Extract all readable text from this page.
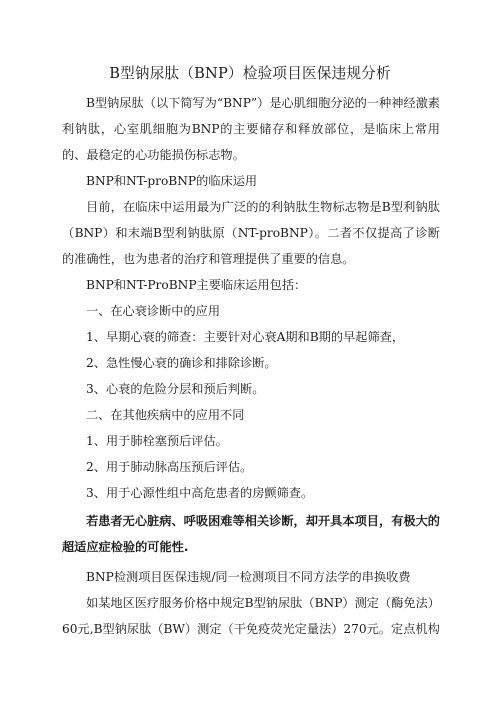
B型钠尿肽（BNP）检验项目医保违规分析

B型钠尿肽（以下简写为“BNP”）是心肌细胞分泌的一种神经激素利钠肽，心室肌细胞为BNP的主要储存和释放部位，是临床上常用的、最稳定的心功能损伤标志物。

BNP和NT-proBNP的临床运用

目前，在临床中运用最为广泛的的利钠肽生物标志物是B型利钠肽（BNP）和末端B型利钠肽原（NT-proBNP）。二者不仅提高了诊断的准确性，也为患者的治疗和管理提供了重要的信息。

BNP和NT-ProBNP主要临床运用包括：

一、在心衰诊断中的应用

1、早期心衰的筛查：主要针对心衰A期和B期的早起筛查，

2、急性慢心衰的确诊和排除诊断。

3、心衰的危险分层和预后判断。

二、在其他疾病中的应用不同

1、用于肺栓塞预后评估。

2、用于肺动脉高压预后评估。

3、用于心源性组中高危患者的房颤筛查。

若患者无心脏病、呼吸困难等相关诊断，却开具本项目，有极大的超适应症检验的可能性.

BNP检测项目医保违规/同一检测项目不同方法学的串换收费

如某地区医疗服务价格中规定B型钠尿肽（BNP）测定（酶免法）60元,B型钠尿肽（BW）测定（干免疫荧光定量法）270元。定点机构
